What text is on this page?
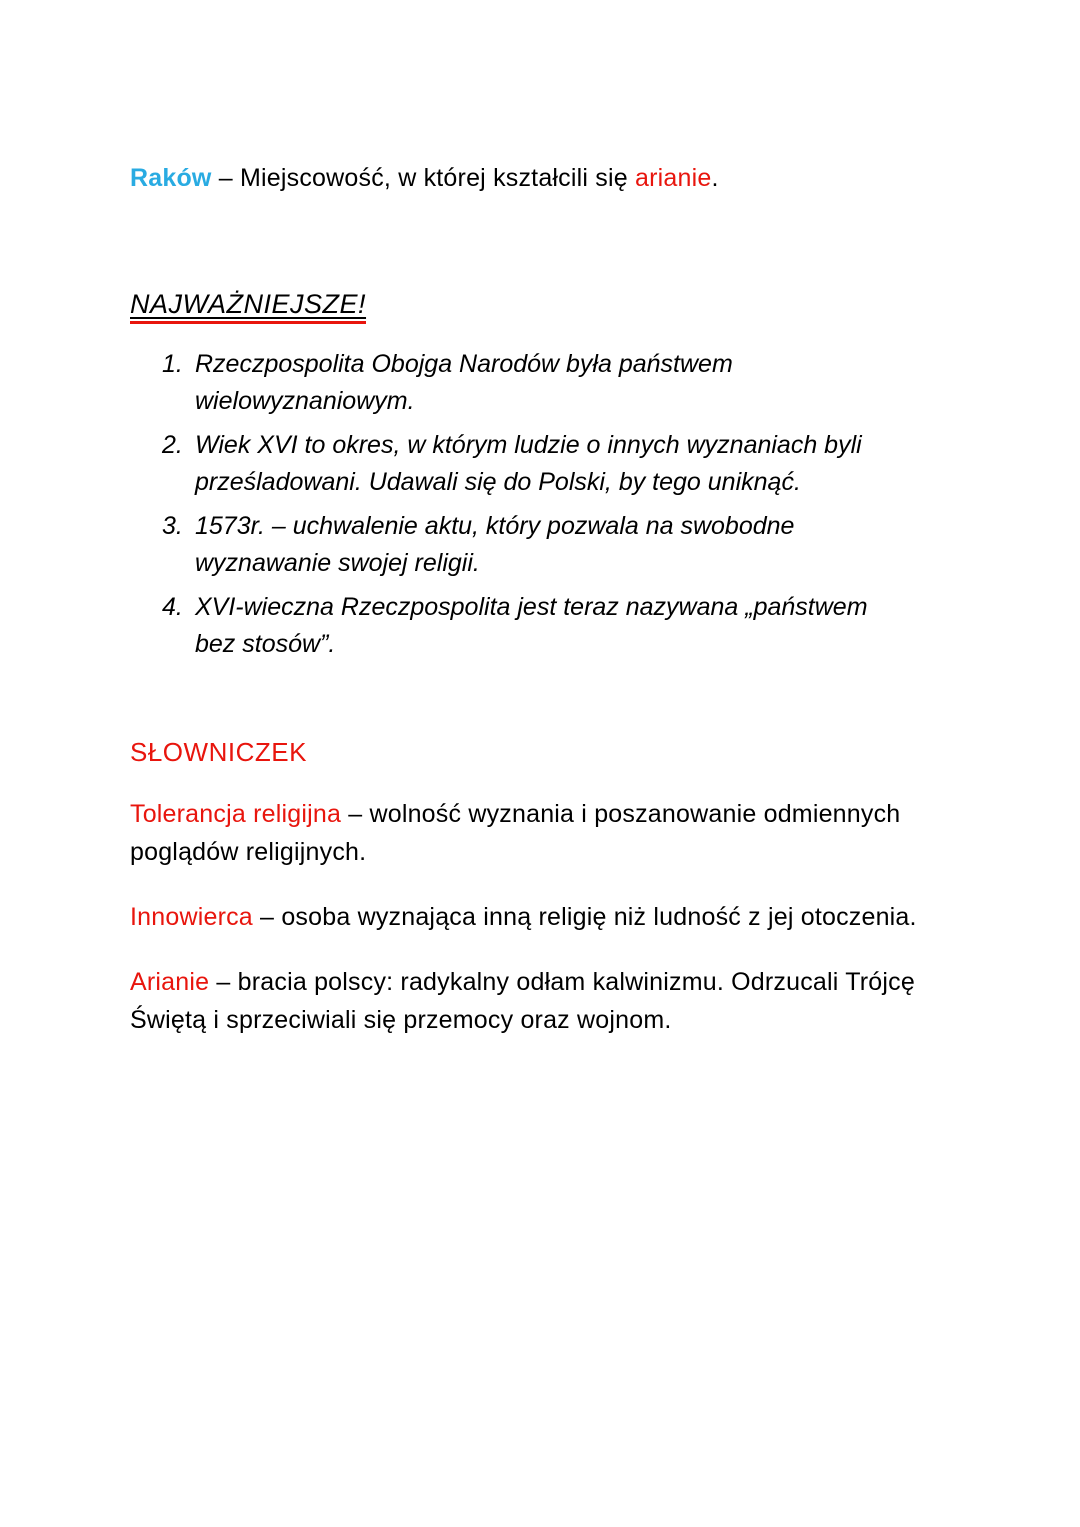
Raków – Miejscowość, w której kształcili się arianie.

NAJWAŻNIEJSZE!
1. Rzeczpospolita Obojga Narodów była państwem
wielowyznaniowym.
2. Wiek XVI to okres, w którym ludzie o innych wyznaniach byli
prześladowani. Udawali się do Polski, by tego uniknąć.
3. 1573r. – uchwalenie aktu, który pozwala na swobodne
wyznawanie swojej religii.
4. XVI-wieczna Rzeczpospolita jest teraz nazywana „państwem
bez stosów”.
SŁOWNICZEK

Tolerancja religijna – wolność wyznania i poszanowanie odmiennych
poglądów religijnych.

Innowierca – osoba wyznająca inną religię niż ludność z jej otoczenia.

Arianie – bracia polscy: radykalny odłam kalwinizmu. Odrzucali Trójcę
Świętą i sprzeciwiali się przemocy oraz wojnom.
